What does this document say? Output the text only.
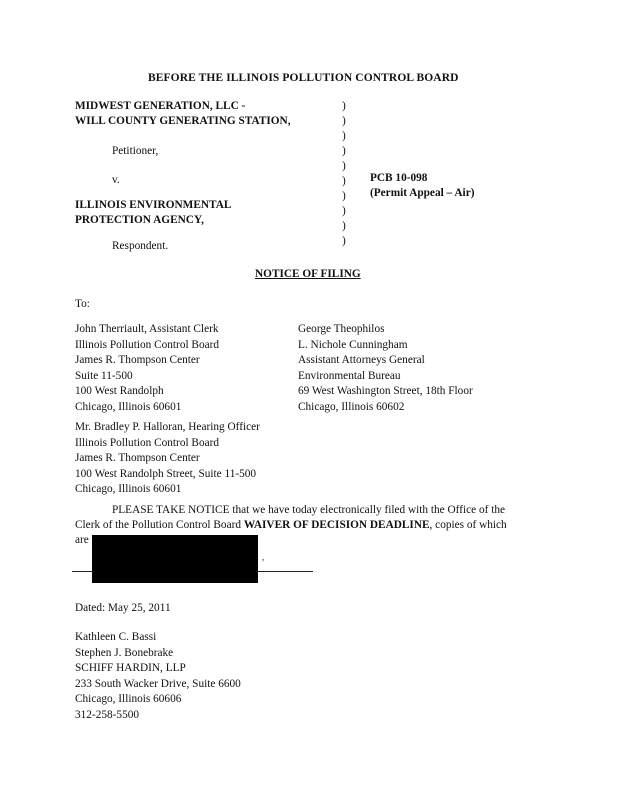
BEFORE THE ILLINOIS POLLUTION CONTROL BOARD
MIDWEST GENERATION, LLC -
WILL COUNTY GENERATING STATION,
Petitioner,
v.
ILLINOIS ENVIRONMENTAL
PROTECTION AGENCY,
Respondent.
)
)
)
)
)
)
)
)
)
)
PCB 10-098
(Permit Appeal – Air)
NOTICE OF FILING
To:
John Therriault, Assistant Clerk
Illinois Pollution Control Board
James R. Thompson Center
Suite 11-500
100 West Randolph
Chicago, Illinois 60601
George Theophilos
L. Nichole Cunningham
Assistant Attorneys General
Environmental Bureau
69 West Washington Street, 18th Floor
Chicago, Illinois 60602
Mr. Bradley P. Halloran, Hearing Officer
Illinois Pollution Control Board
James R. Thompson Center
100 West Randolph Street, Suite 11-500
Chicago, Illinois 60601
PLEASE TAKE NOTICE that we have today electronically filed with the Office of the
Clerk of the Pollution Control Board WAIVER OF DECISION DEADLINE, copies of which
are
,
Dated: May 25, 2011
Kathleen C. Bassi
Stephen J. Bonebrake
SCHIFF HARDIN, LLP
233 South Wacker Drive, Suite 6600
Chicago, Illinois 60606
312-258-5500
